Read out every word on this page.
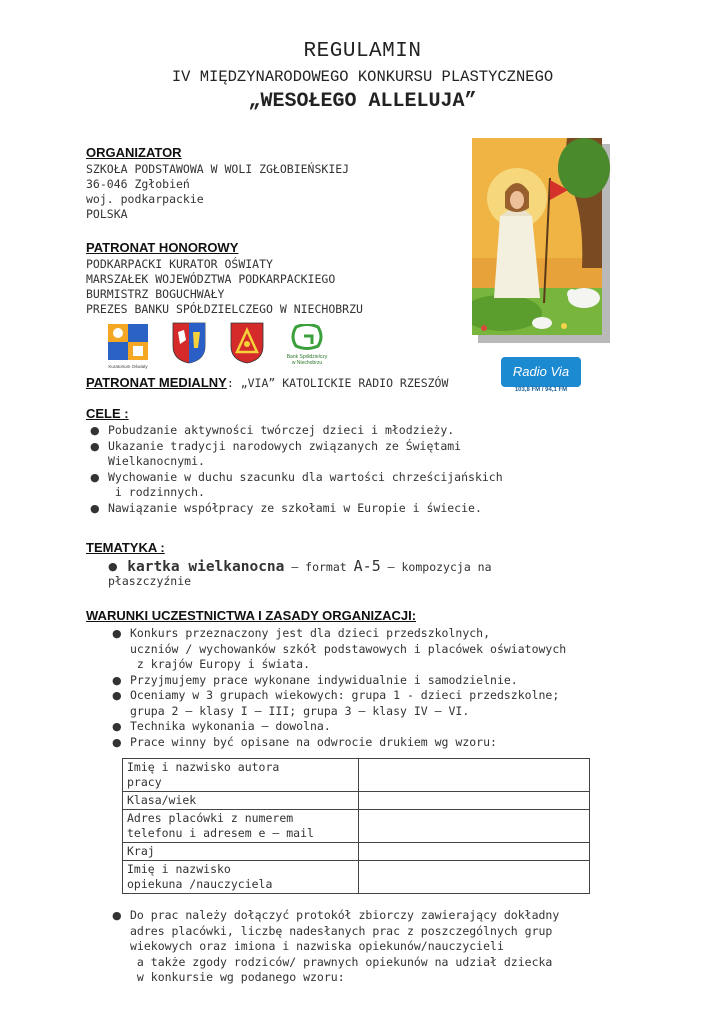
REGULAMIN
IV MIĘDZYNARODOWEGO KONKURSU PLASTYCZNEGO
„WESOŁEGO ALLELUJA”
ORGANIZATOR
SZKOŁA PODSTAWOWA W WOLI ZGŁOBIEŃSKIEJ
36-046 Zgłobień
woj. podkarpackie
POLSKA
PATRONAT HONOROWY
PODKARPACKI KURATOR OŚWIATY
MARSZAŁEK WOJEWÓDZTWA PODKARPACKIEGO
BURMISTRZ BOGUCHWAŁY
PREZES BANKU SPÓŁDZIELCZEGO W NIECHOBRZU
Kuratorium Oświaty
Bank Spółdzielczy
w Niechobrzu
PATRONAT MEDIALNY: „VIA” KATOLICKIE RADIO RZESZÓW
Radio Via
103,8 FM / 94,1 FM
CELE :
● Pobudzanie aktywności twórczej dzieci i młodzieży.
● Ukazanie tradycji narodowych związanych ze Świętami
Wielkanocnymi.
● Wychowanie w duchu szacunku dla wartości chrześcijańskich
i rodzinnych.
● Nawiązanie współpracy ze szkołami w Europie i świecie.
TEMATYKA :
● kartka wielkanocna – format A-5 – kompozycja na
płaszczyźnie
WARUNKI UCZESTNICTWA I ZASADY ORGANIZACJI:
● Konkurs przeznaczony jest dla dzieci przedszkolnych,
uczniów / wychowanków szkół podstawowych i placówek oświatowych
z krajów Europy i świata.
● Przyjmujemy prace wykonane indywidualnie i samodzielnie.
● Oceniamy w 3 grupach wiekowych: grupa 1 - dzieci przedszkolne;
grupa 2 – klasy I – III; grupa 3 – klasy IV – VI.
● Technika wykonania – dowolna.
● Prace winny być opisane na odwrocie drukiem wg wzoru:
Imię i nazwisko autora
pracy	
Klasa/wiek	
Adres placówki z numerem
telefonu i adresem e – mail	
Kraj	
Imię i nazwisko
opiekuna /nauczyciela	
● Do prac należy dołączyć protokół zbiorczy zawierający dokładny
adres placówki, liczbę nadesłanych prac z poszczególnych grup
wiekowych oraz imiona i nazwiska opiekunów/nauczycieli
a także zgody rodziców/ prawnych opiekunów na udział dziecka
w konkursie wg podanego wzoru:
